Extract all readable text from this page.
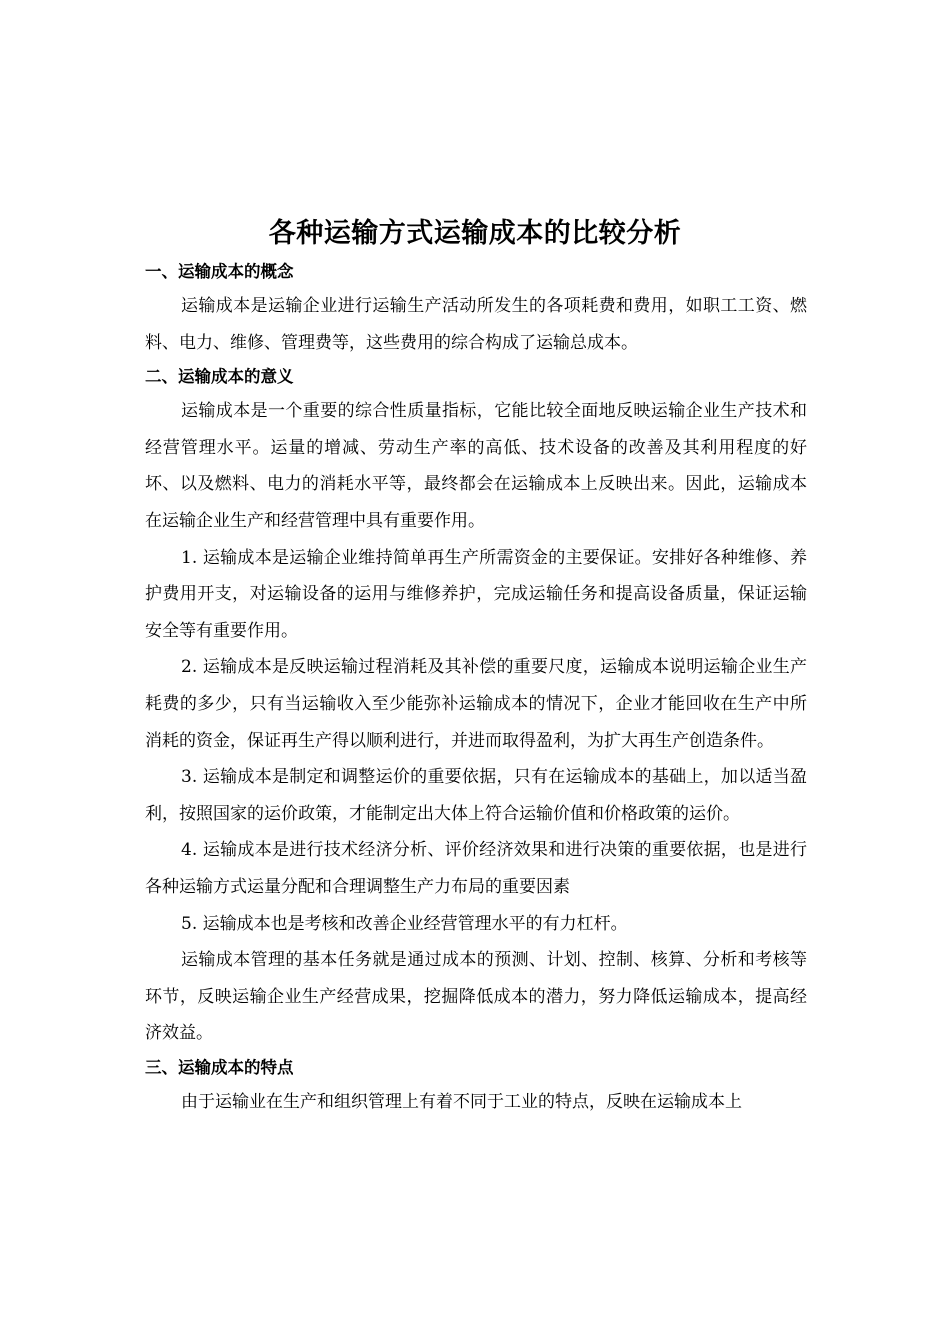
各种运输方式运输成本的比较分析
一、运输成本的概念

运输成本是运输企业进行运输生产活动所发生的各项耗费和费用，如职工工资、燃料、电力、维修、管理费等，这些费用的综合构成了运输总成本。

二、运输成本的意义

运输成本是一个重要的综合性质量指标，它能比较全面地反映运输企业生产技术和经营管理水平。运量的增减、劳动生产率的高低、技术设备的改善及其利用程度的好坏、以及燃料、电力的消耗水平等，最终都会在运输成本上反映出来。因此，运输成本在运输企业生产和经营管理中具有重要作用。

1. 运输成本是运输企业维持简单再生产所需资金的主要保证。安排好各种维修、养护费用开支，对运输设备的运用与维修养护，完成运输任务和提高设备质量，保证运输安全等有重要作用。

2. 运输成本是反映运输过程消耗及其补偿的重要尺度，运输成本说明运输企业生产耗费的多少，只有当运输收入至少能弥补运输成本的情况下，企业才能回收在生产中所消耗的资金，保证再生产得以顺利进行，并进而取得盈利，为扩大再生产创造条件。

3. 运输成本是制定和调整运价的重要依据，只有在运输成本的基础上，加以适当盈利，按照国家的运价政策，才能制定出大体上符合运输价值和价格政策的运价。

4. 运输成本是进行技术经济分析、评价经济效果和进行决策的重要依据，也是进行各种运输方式运量分配和合理调整生产力布局的重要因素

5. 运输成本也是考核和改善企业经营管理水平的有力杠杆。

运输成本管理的基本任务就是通过成本的预测、计划、控制、核算、分析和考核等环节，反映运输企业生产经营成果，挖掘降低成本的潜力，努力降低运输成本，提高经济效益。

三、运输成本的特点

由于运输业在生产和组织管理上有着不同于工业的特点，反映在运输成本上
